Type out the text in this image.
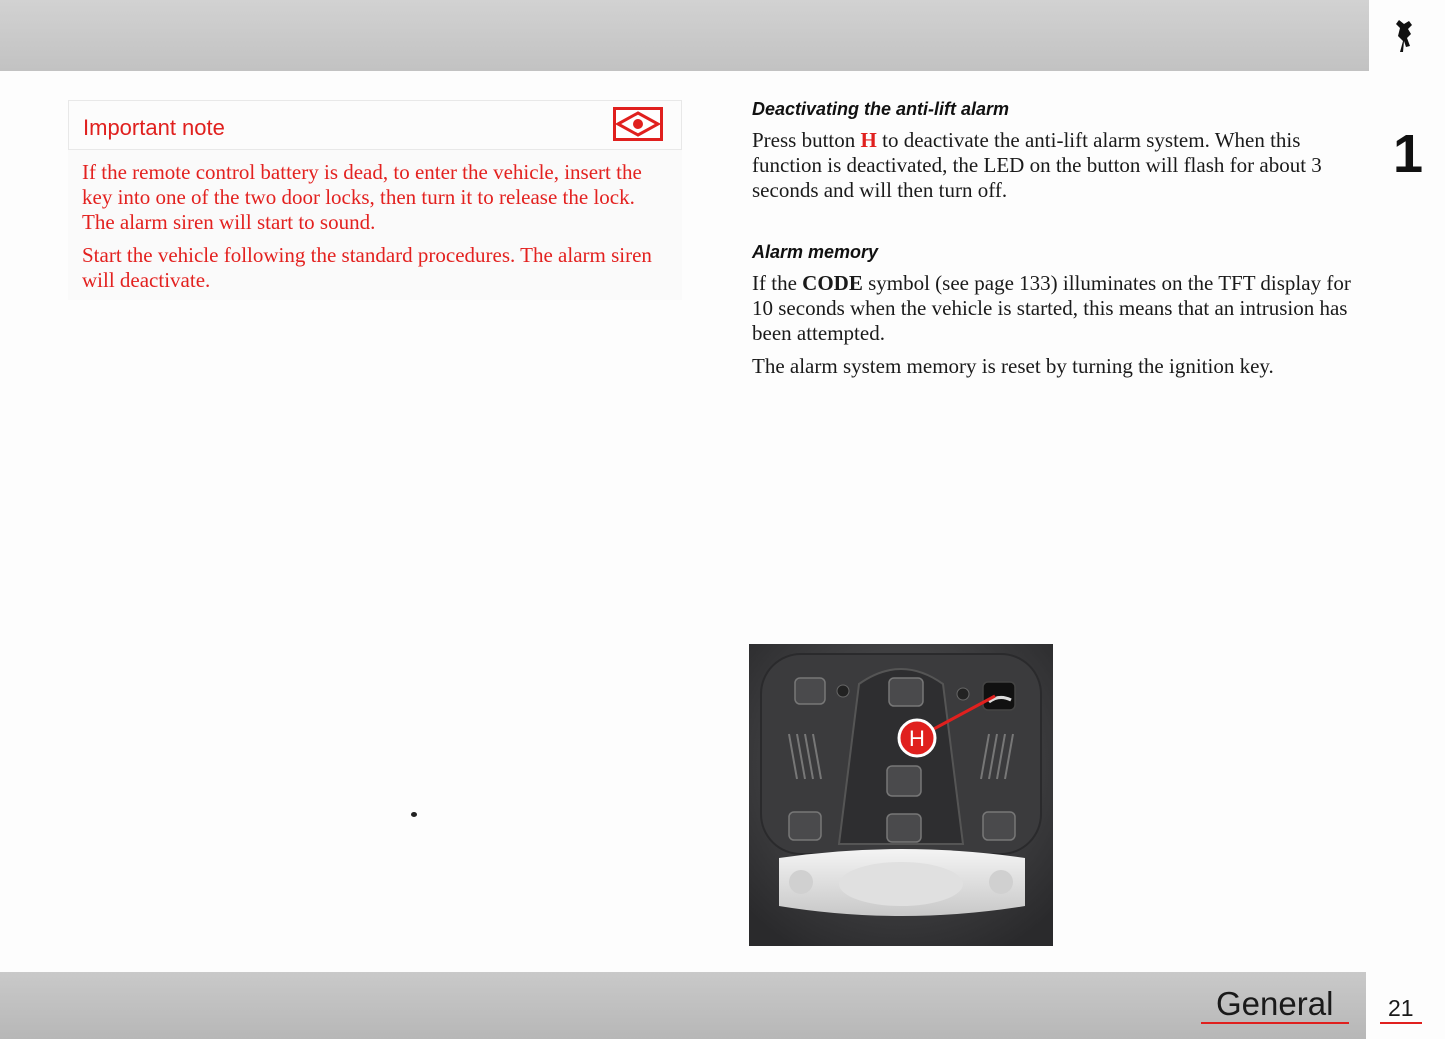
1
Important note

If the remote control battery is dead, to enter the vehicle, insert the key into one of the two door locks, then turn it to release the lock. The alarm siren will start to sound.

Start the vehicle following the standard procedures. The alarm siren will deactivate.

Deactivating the anti-lift alarm

Press button H to deactivate the anti-lift alarm system. When this function is deactivated, the LED on the button will flash for about 3 seconds and will then turn off.

Alarm memory

If the CODE symbol (see page 133) illuminates on the TFT display for 10 seconds when the vehicle is started, this means that an intrusion has been attempted.

The alarm system memory is reset by turning the ignition key.

H
General 21
